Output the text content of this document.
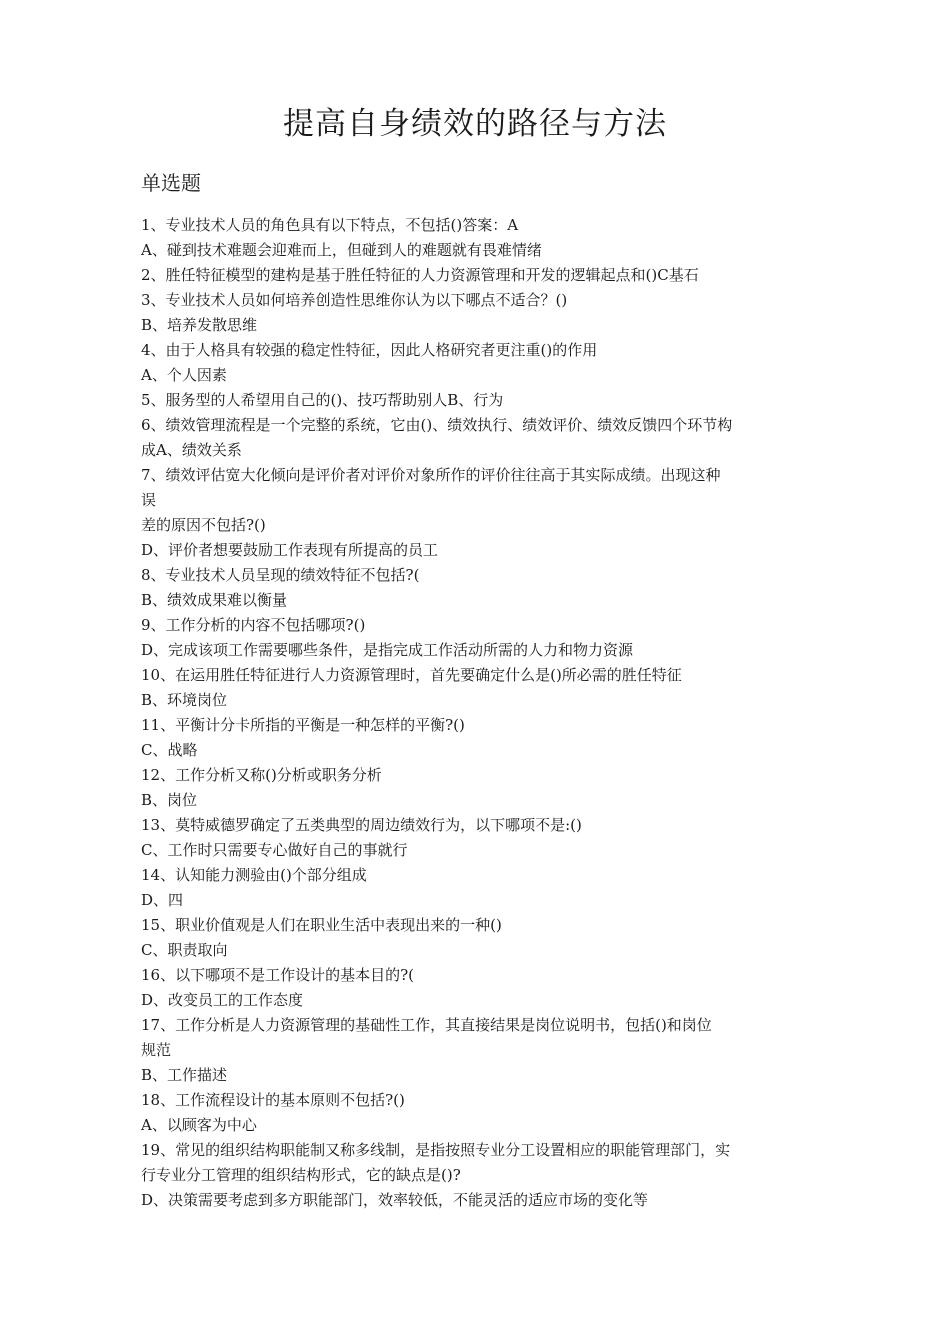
提高自身绩效的路径与方法
单选题
1、专业技术人员的角色具有以下特点，不包括()答案：A
A、碰到技术难题会迎难而上，但碰到人的难题就有畏难情绪
2、胜任特征模型的建构是基于胜任特征的人力资源管理和开发的逻辑起点和()C基石
3、专业技术人员如何培养创造性思维你认为以下哪点不适合？()
B、培养发散思维
4、由于人格具有较强的稳定性特征，因此人格研究者更注重()的作用
A、个人因素
5、服务型的人希望用自己的()、技巧帮助别人B、行为
6、绩效管理流程是一个完整的系统，它由()、绩效执行、绩效评价、绩效反馈四个环节构
成A、绩效关系
7、绩效评估宽大化倾向是评价者对评价对象所作的评价往往高于其实际成绩。出现这种
误
差的原因不包括?()
D、评价者想要鼓励工作表现有所提高的员工
8、专业技术人员呈现的绩效特征不包括?(
B、绩效成果难以衡量
9、工作分析的内容不包括哪项?()
D、完成该项工作需要哪些条件，是指完成工作活动所需的人力和物力资源
10、在运用胜任特征进行人力资源管理时，首先要确定什么是()所必需的胜任特征
B、环境岗位
11、平衡计分卡所指的平衡是一种怎样的平衡?()
C、战略
12、工作分析又称()分析或职务分析
B、岗位
13、莫特威德罗确定了五类典型的周边绩效行为，以下哪项不是:()
C、工作时只需要专心做好自己的事就行
14、认知能力测验由()个部分组成
D、四
15、职业价值观是人们在职业生活中表现出来的一种()
C、职责取向
16、以下哪项不是工作设计的基本目的?(
D、改变员工的工作态度
17、工作分析是人力资源管理的基础性工作，其直接结果是岗位说明书，包括()和岗位
规范
B、工作描述
18、工作流程设计的基本原则不包括?()
A、以顾客为中心
19、常见的组织结构职能制又称多线制，是指按照专业分工设置相应的职能管理部门，实
行专业分工管理的组织结构形式，它的缺点是()?
D、决策需要考虑到多方职能部门，效率较低，不能灵活的适应市场的变化等
